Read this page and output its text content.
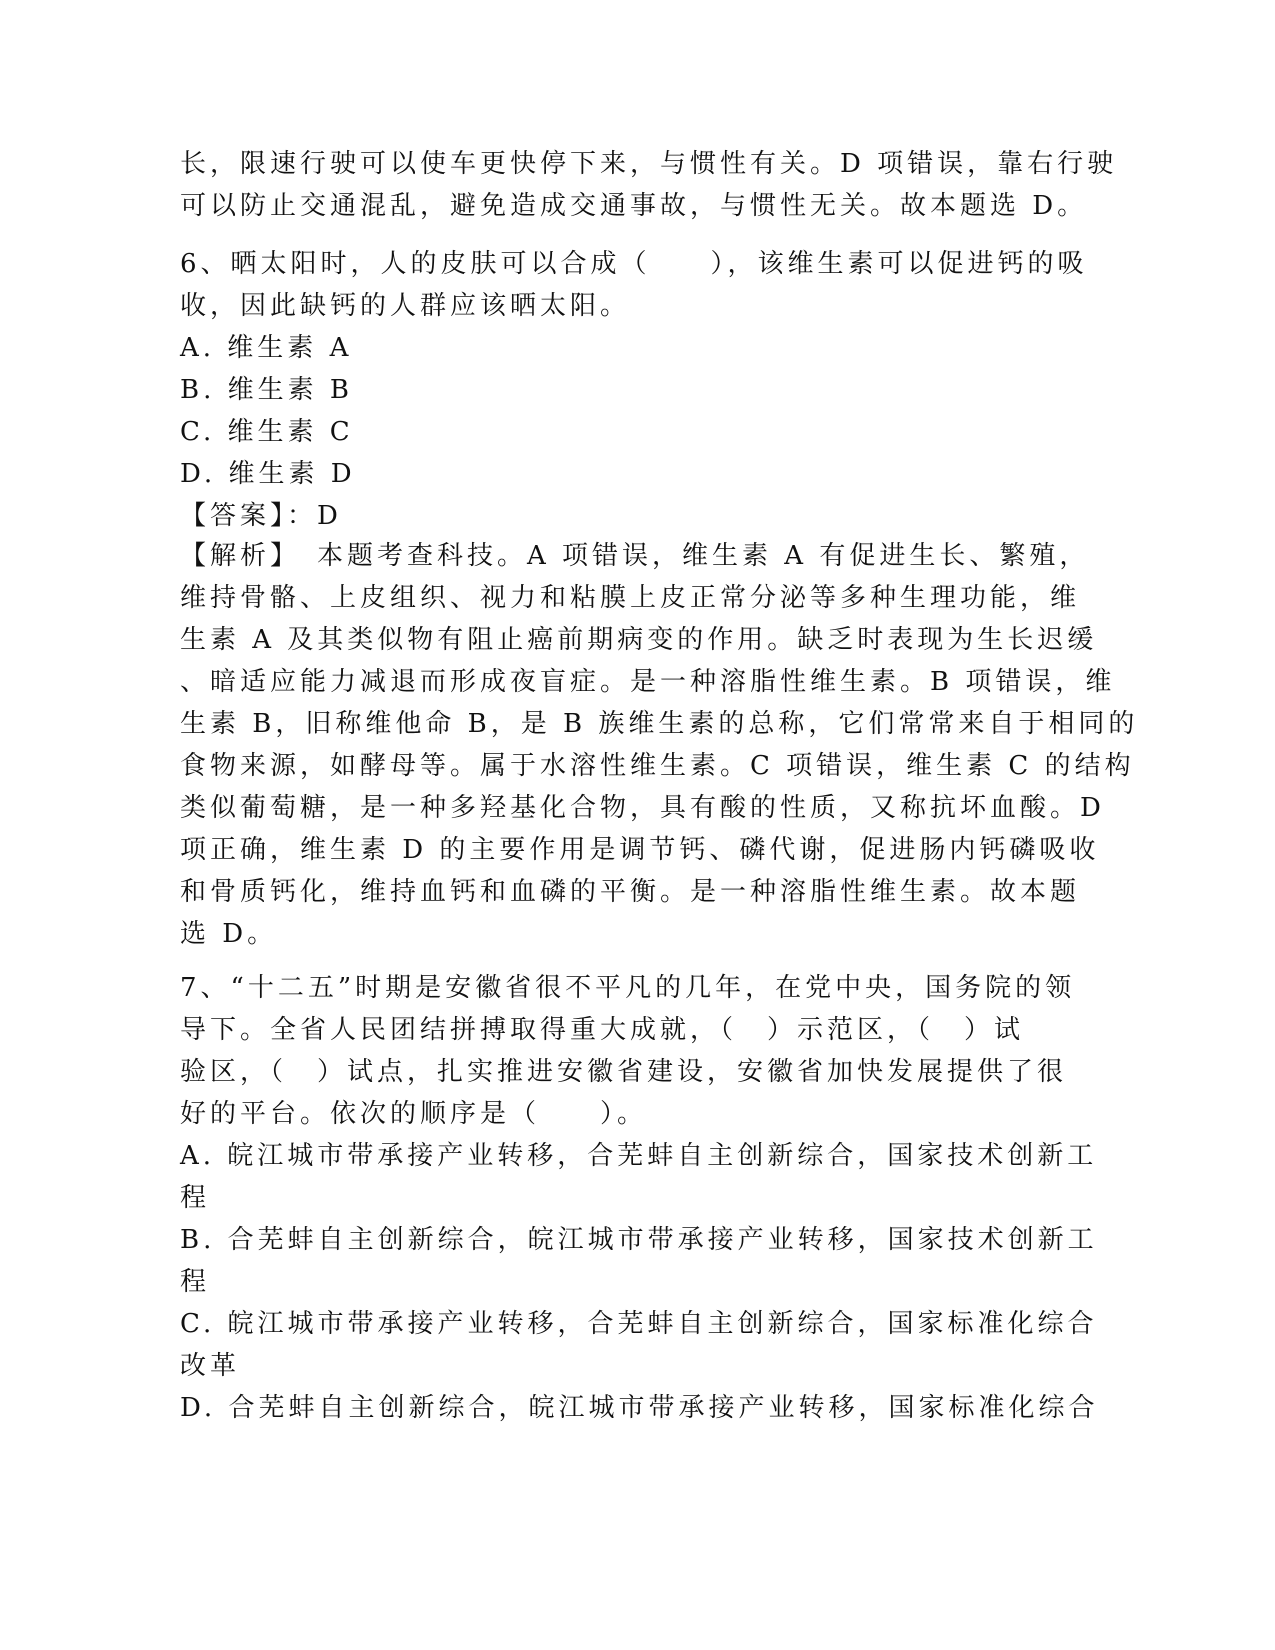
长，限速行驶可以使车更快停下来，与惯性有关。D 项错误，靠右行驶
可以防止交通混乱，避免造成交通事故，与惯性无关。故本题选 D。
6、晒太阳时，人的皮肤可以合成（　　），该维生素可以促进钙的吸
收，因此缺钙的人群应该晒太阳。
A. 维生素 A
B. 维生素 B
C. 维生素 C
D. 维生素 D
【答案】：D
【解析】　本题考查科技。A 项错误，维生素 A 有促进生长、繁殖，
维持骨骼、上皮组织、视力和粘膜上皮正常分泌等多种生理功能，维
生素 A 及其类似物有阻止癌前期病变的作用。缺乏时表现为生长迟缓
、暗适应能力减退而形成夜盲症。是一种溶脂性维生素。B 项错误，维
生素 B，旧称维他命 B，是 B 族维生素的总称，它们常常来自于相同的
食物来源，如酵母等。属于水溶性维生素。C 项错误，维生素 C 的结构
类似葡萄糖，是一种多羟基化合物，具有酸的性质，又称抗坏血酸。D
项正确，维生素 D 的主要作用是调节钙、磷代谢，促进肠内钙磷吸收
和骨质钙化，维持血钙和血磷的平衡。是一种溶脂性维生素。故本题
选 D。
7、“十二五”时期是安徽省很不平凡的几年，在党中央，国务院的领
导下。全省人民团结拼搏取得重大成就，（　）示范区，（　）试
验区，（　）试点，扎实推进安徽省建设，安徽省加快发展提供了很
好的平台。依次的顺序是（　　）。
A. 皖江城市带承接产业转移，合芜蚌自主创新综合，国家技术创新工
程
B. 合芜蚌自主创新综合，皖江城市带承接产业转移，国家技术创新工
程
C. 皖江城市带承接产业转移，合芜蚌自主创新综合，国家标准化综合
改革
D. 合芜蚌自主创新综合，皖江城市带承接产业转移，国家标准化综合
